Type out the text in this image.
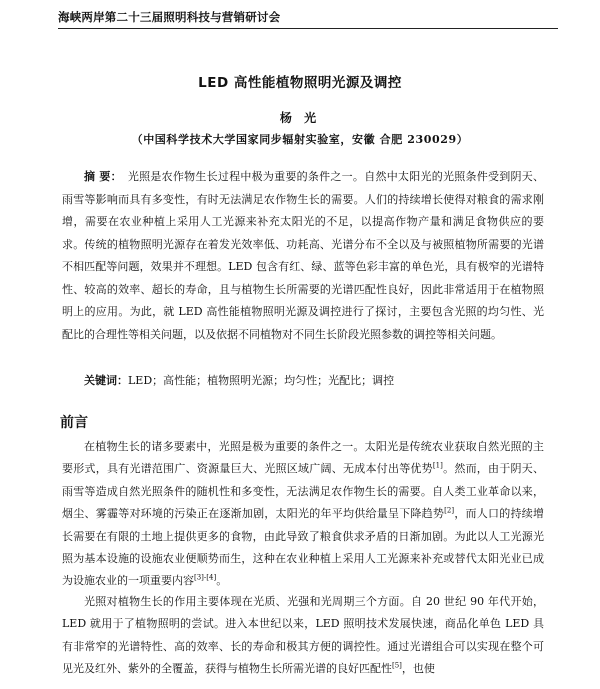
海峡两岸第二十三届照明科技与营销研讨会
LED 高性能植物照明光源及调控
杨 光
（中国科学技术大学国家同步辐射实验室，安徽 合肥 230029）

摘 要： 光照是农作物生长过程中极为重要的条件之一。自然中太阳光的光照条件受到阴天、雨雪等影响而具有多变性，有时无法满足农作物生长的需要。人们的持续增长使得对粮食的需求刚增，需要在农业种植上采用人工光源来补充太阳光的不足，以提高作物产量和满足食物供应的要求。传统的植物照明光源存在着发光效率低、功耗高、光谱分布不全以及与被照植物所需要的光谱不相匹配等问题，效果并不理想。LED 包含有红、绿、蓝等色彩丰富的单色光，具有极窄的光谱特性、较高的效率、超长的寿命，且与植物生长所需要的光谱匹配性良好，因此非常适用于在植物照明上的应用。为此，就 LED 高性能植物照明光源及调控进行了探讨，主要包含光照的均匀性、光配比的合理性等相关问题，以及依据不同植物对不同生长阶段光照参数的调控等相关问题。

关键词：LED；高性能；植物照明光源；均匀性；光配比；调控
前言

在植物生长的诸多要素中，光照是极为重要的条件之一。太阳光是传统农业获取自然光照的主要形式，具有光谱范围广、资源量巨大、光照区域广阔、无成本付出等优势[1]。然而，由于阴天、雨雪等造成自然光照条件的随机性和多变性，无法满足农作物生长的需要。自人类工业革命以来，烟尘、雾霾等对环境的污染正在逐渐加剧，太阳光的年平均供给量呈下降趋势[2]，而人口的持续增长需要在有限的土地上提供更多的食物，由此导致了粮食供求矛盾的日渐加剧。为此以人工光源光照为基本设施的设施农业便顺势而生，这种在农业种植上采用人工光源来补充或替代太阳光业已成为设施农业的一项重要内容[3]-[4]。

光照对植物生长的作用主要体现在光质、光强和光周期三个方面。自 20 世纪 90 年代开始，LED 就用于了植物照明的尝试。进入本世纪以来，LED 照明技术发展快速，商品化单色 LED 具有非常窄的光谱特性、高的效率、长的寿命和极其方便的调控性。通过光谱组合可以实现在整个可见光及红外、紫外的全覆盖，获得与植物生长所需光谱的良好匹配性[5]，也使
